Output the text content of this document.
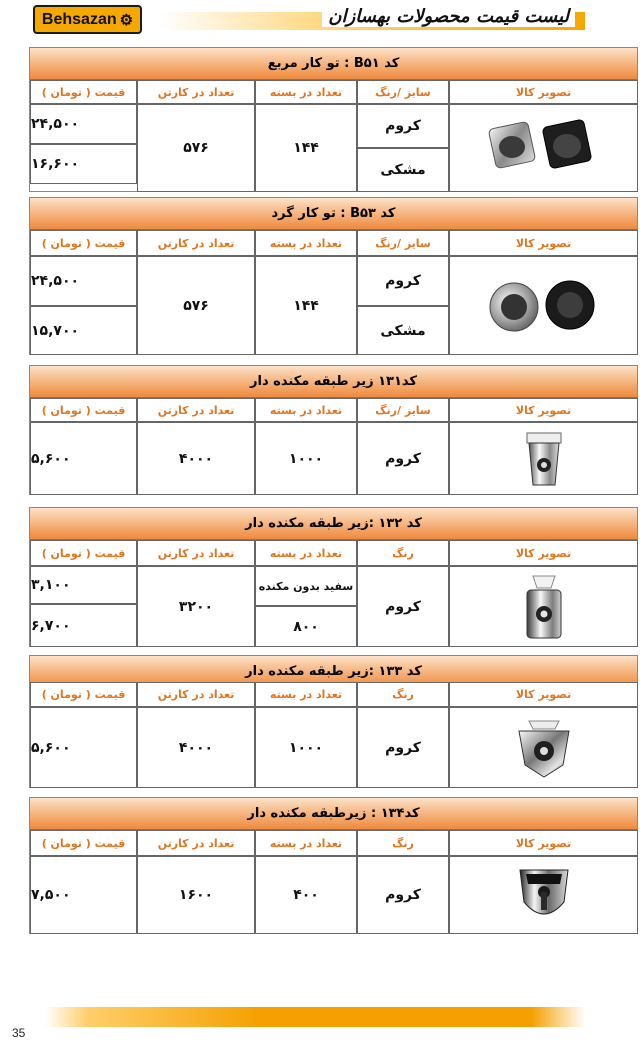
Behsazan ⚙	لیست قیمت محصولات بهسازان
کد B۵۱ : تو کار مربع
تصویر کالا
سایز /رنگ
تعداد در بسته
تعداد در کارتن
قیمت ( تومان )
کروم
مشکی
۱۴۴
۵۷۶
۲۴,۵۰۰
۱۶,۶۰۰
کد B۵۳ : تو کار گرد
تصویر کالا
سایز /رنگ
تعداد در بسته
تعداد در کارتن
قیمت ( تومان )
کروم
مشکی
۱۴۴
۵۷۶
۲۴,۵۰۰
۱۵,۷۰۰
کد۱۳۱ زیر طبقه مکنده دار
تصویر کالا
سایز /رنگ
تعداد در بسته
تعداد در کارتن
قیمت ( تومان )
کروم
۱۰۰۰
۴۰۰۰
۵,۶۰۰
کد ۱۳۲ :زیر طبقه مکنده دار
تصویر کالا
رنگ
تعداد در بسته
تعداد در کارتن
قیمت ( تومان )
کروم
سفید بدون مکنده
۸۰۰
۳۲۰۰
۳,۱۰۰
۶,۷۰۰
کد ۱۳۳ :زیر طبقه مکنده دار
تصویر کالا
رنگ
تعداد در بسته
تعداد در کارتن
قیمت ( تومان )
کروم
۱۰۰۰
۴۰۰۰
۵,۶۰۰
کد۱۳۴ : زیرطبقه مکنده دار
تصویر کالا
رنگ
تعداد در بسته
تعداد در کارتن
قیمت ( تومان )
کروم
۴۰۰
۱۶۰۰
۷,۵۰۰
35
